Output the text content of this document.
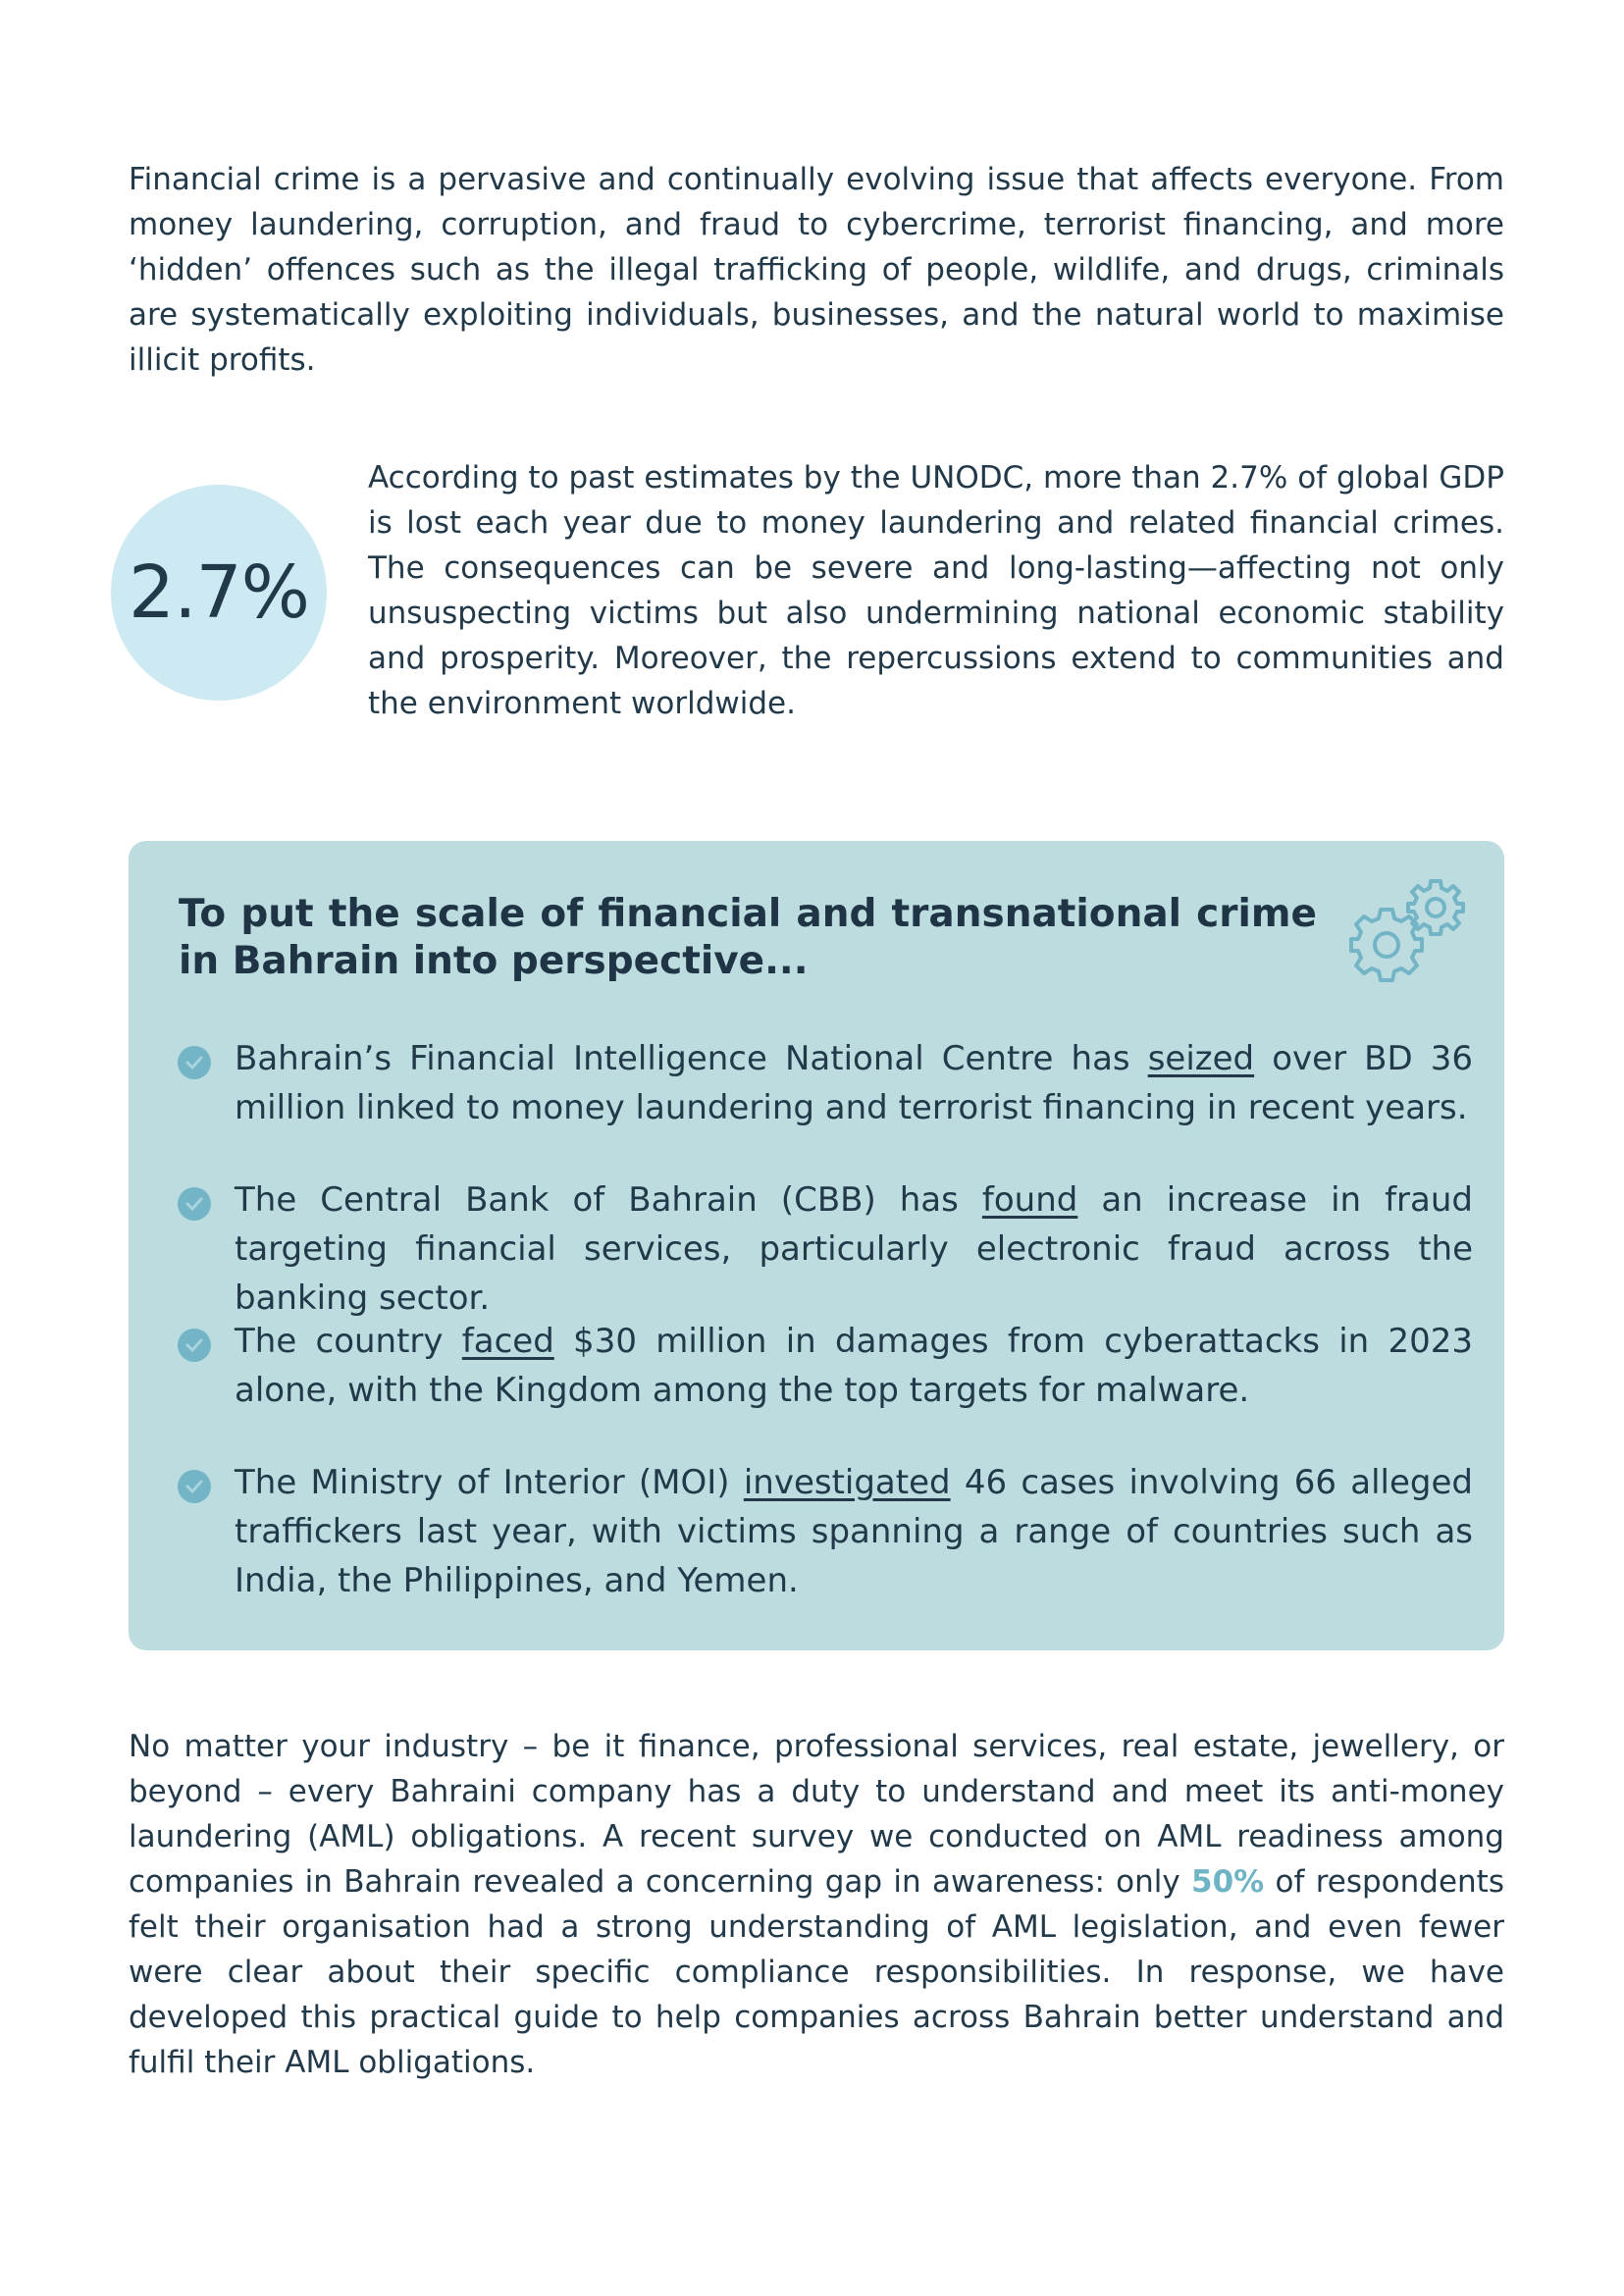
Financial crime is a pervasive and continually evolving issue that affects everyone. From money laundering, corruption, and fraud to cybercrime, terrorist financing, and more ‘hidden’ offences such as the illegal trafficking of people, wildlife, and drugs, criminals are systematically exploiting individuals, businesses, and the natural world to maximise illicit profits.

2.7%

According to past estimates by the UNODC, more than 2.7% of global GDP is lost each year due to money laundering and related financial crimes. The consequences can be severe and long-lasting—affecting not only unsuspecting victims but also undermining national economic stability and prosperity. Moreover, the repercussions extend to communities and the environment worldwide.

To put the scale of financial and transnational crime in Bahrain into perspective...

Bahrain’s Financial Intelligence National Centre has seized over BD 36 million linked to money laundering and terrorist financing in recent years.

The Central Bank of Bahrain (CBB) has found an increase in fraud targeting financial services, particularly electronic fraud across the banking sector.

The country faced $30 million in damages from cyberattacks in 2023 alone, with the Kingdom among the top targets for malware.

The Ministry of Interior (MOI) investigated 46 cases involving 66 alleged traffickers last year, with victims spanning a range of countries such as India, the Philippines, and Yemen.

No matter your industry – be it finance, professional services, real estate, jewellery, or beyond – every Bahraini company has a duty to understand and meet its anti-money laundering (AML) obligations. A recent survey we conducted on AML readiness among companies in Bahrain revealed a concerning gap in awareness: only 50% of respondents felt their organisation had a strong understanding of AML legislation, and even fewer were clear about their specific compliance responsibilities. In response, we have developed this practical guide to help companies across Bahrain better understand and fulfil their AML obligations.
